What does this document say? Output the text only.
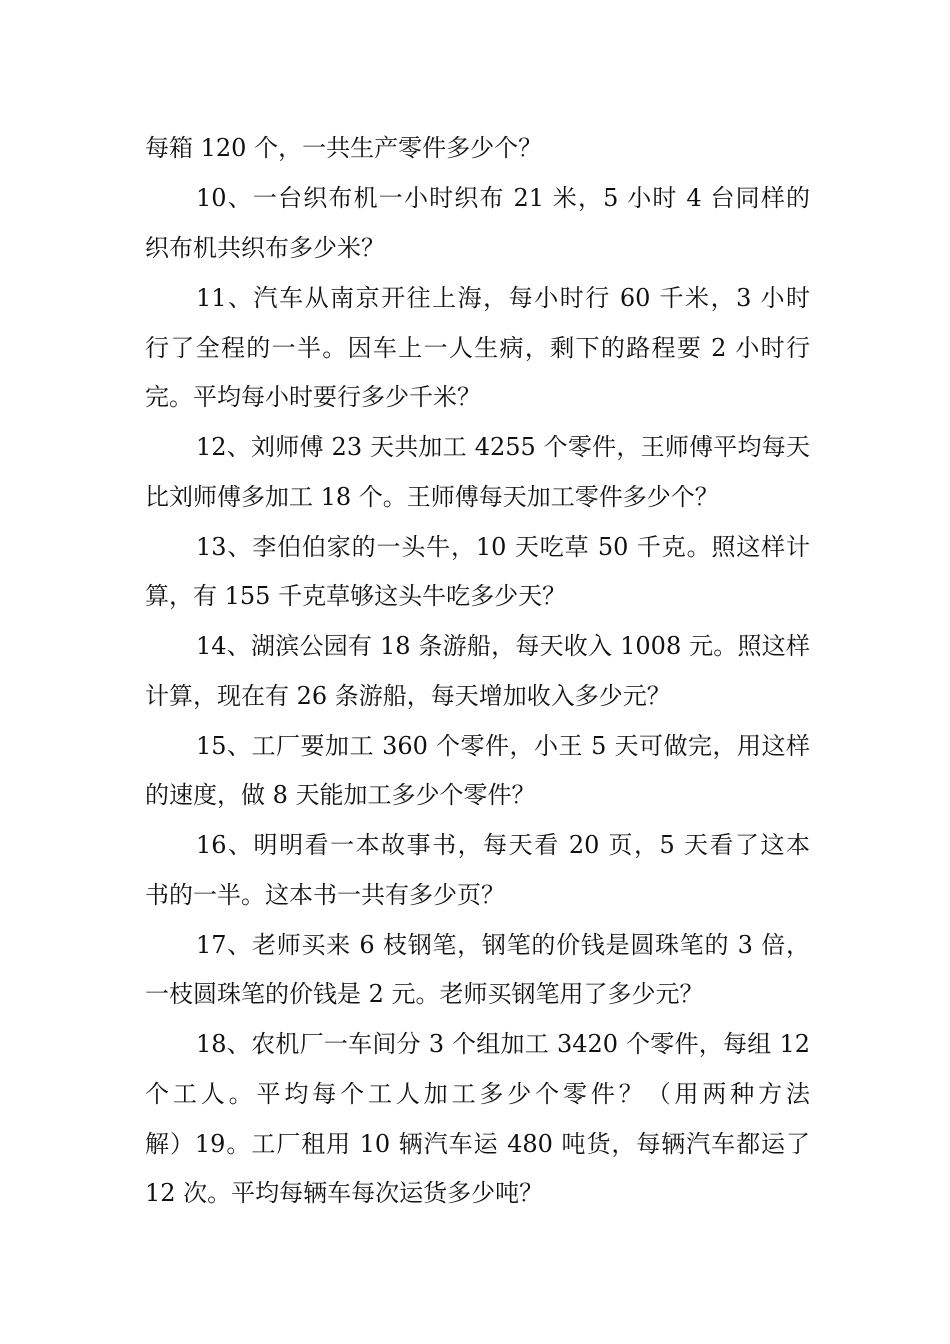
每箱 120 个，一共生产零件多少个？
10、一台织布机一小时织布 21 米，5 小时 4 台同样的
织布机共织布多少米？
11、汽车从南京开往上海，每小时行 60 千米，3 小时
行了全程的一半。因车上一人生病，剩下的路程要 2 小时行
完。平均每小时要行多少千米？
12、刘师傅 23 天共加工 4255 个零件，王师傅平均每天
比刘师傅多加工 18 个。王师傅每天加工零件多少个？
13、李伯伯家的一头牛，10 天吃草 50 千克。照这样计
算，有 155 千克草够这头牛吃多少天？
14、湖滨公园有 18 条游船，每天收入 1008 元。照这样
计算，现在有 26 条游船，每天增加收入多少元？
15、工厂要加工 360 个零件，小王 5 天可做完，用这样
的速度，做 8 天能加工多少个零件？
16、明明看一本故事书，每天看 20 页，5 天看了这本
书的一半。这本书一共有多少页？
17、老师买来 6 枝钢笔，钢笔的价钱是圆珠笔的 3 倍，
一枝圆珠笔的价钱是 2 元。老师买钢笔用了多少元？
18、农机厂一车间分 3 个组加工 3420 个零件，每组 12
个工人。平均每个工人加工多少个零件？（用两种方法
解）19。工厂租用 10 辆汽车运 480 吨货，每辆汽车都运了
12 次。平均每辆车每次运货多少吨？
